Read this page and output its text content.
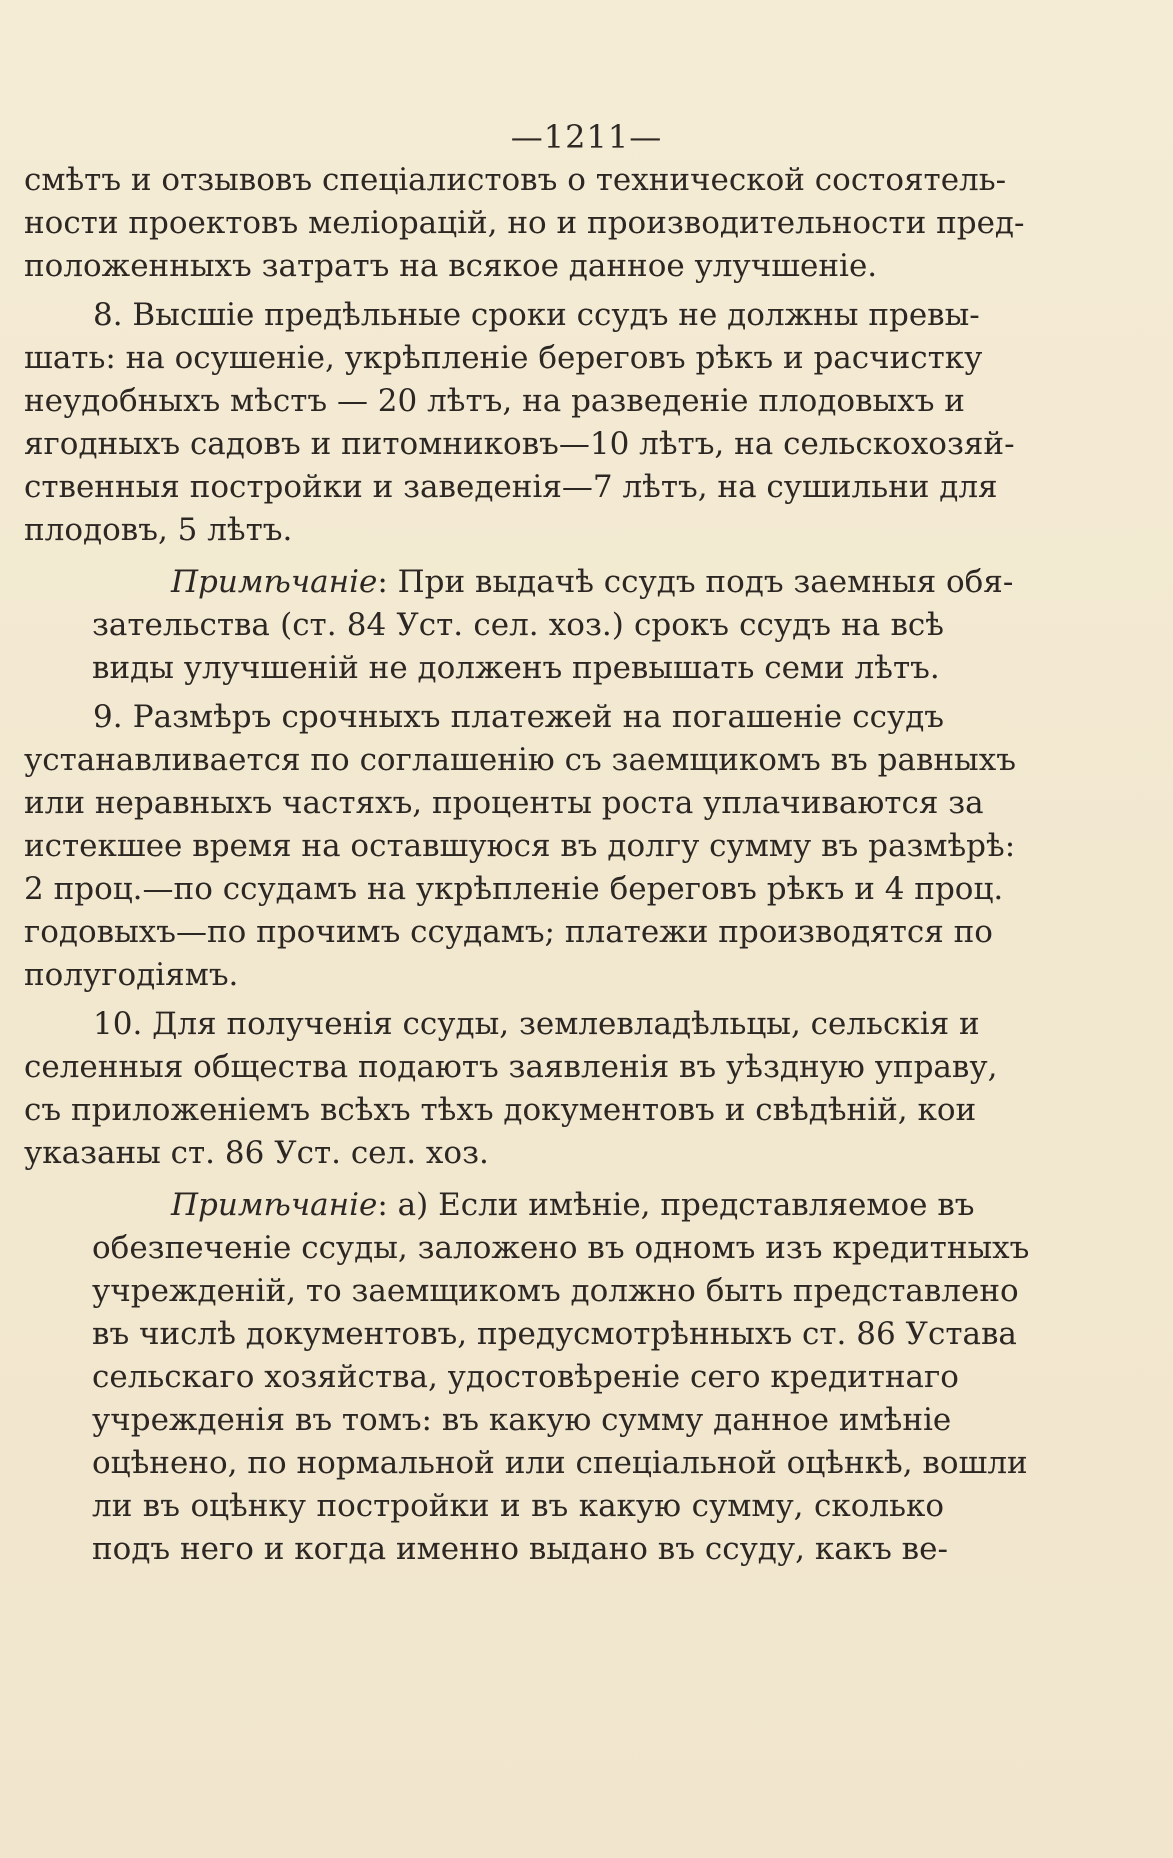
—1211—
смѣтъ и отзывовъ спеціалистовъ о технической состоятель-
ности проектовъ меліорацій, но и производительности пред-
положенныхъ затратъ на всякое данное улучшеніе.
8. Высшіе предѣльные сроки ссудъ не должны превы-
шать: на осушеніе, укрѣпленіе береговъ рѣкъ и расчистку
неудобныхъ мѣстъ — 20 лѣтъ, на разведеніе плодовыхъ и
ягодныхъ садовъ и питомниковъ—10 лѣтъ, на сельскохозяй-
ственныя постройки и заведенія—7 лѣтъ, на сушильни для
плодовъ, 5 лѣтъ.
Примѣчаніе: При выдачѣ ссудъ подъ заемныя обя-
зательства (ст. 84 Уст. сел. хоз.) срокъ ссудъ на всѣ
виды улучшеній не долженъ превышать семи лѣтъ.
9. Размѣръ срочныхъ платежей на погашеніе ссудъ
устанавливается по соглашенію съ заемщикомъ въ равныхъ
или неравныхъ частяхъ, проценты роста уплачиваются за
истекшее время на оставшуюся въ долгу сумму въ размѣрѣ:
2 проц.—по ссудамъ на укрѣпленіе береговъ рѣкъ и 4 проц.
годовыхъ—по прочимъ ссудамъ; платежи производятся по
полугодіямъ.
10. Для полученія ссуды, землевладѣльцы, сельскія и
селенныя общества подаютъ заявленія въ уѣздную управу,
съ приложеніемъ всѣхъ тѣхъ документовъ и свѣдѣній, кои
указаны ст. 86 Уст. сел. хоз.
Примѣчаніе: а) Если имѣніе, представляемое въ
обезпеченіе ссуды, заложено въ одномъ изъ кредитныхъ
учрежденій, то заемщикомъ должно быть представлено
въ числѣ документовъ, предусмотрѣнныхъ ст. 86 Устава
сельскаго хозяйства, удостовѣреніе сего кредитнаго
учрежденія въ томъ: въ какую сумму данное имѣніе
оцѣнено, по нормальной или спеціальной оцѣнкѣ, вошли
ли въ оцѣнку постройки и въ какую сумму, сколько
подъ него и когда именно выдано въ ссуду, какъ ве-
